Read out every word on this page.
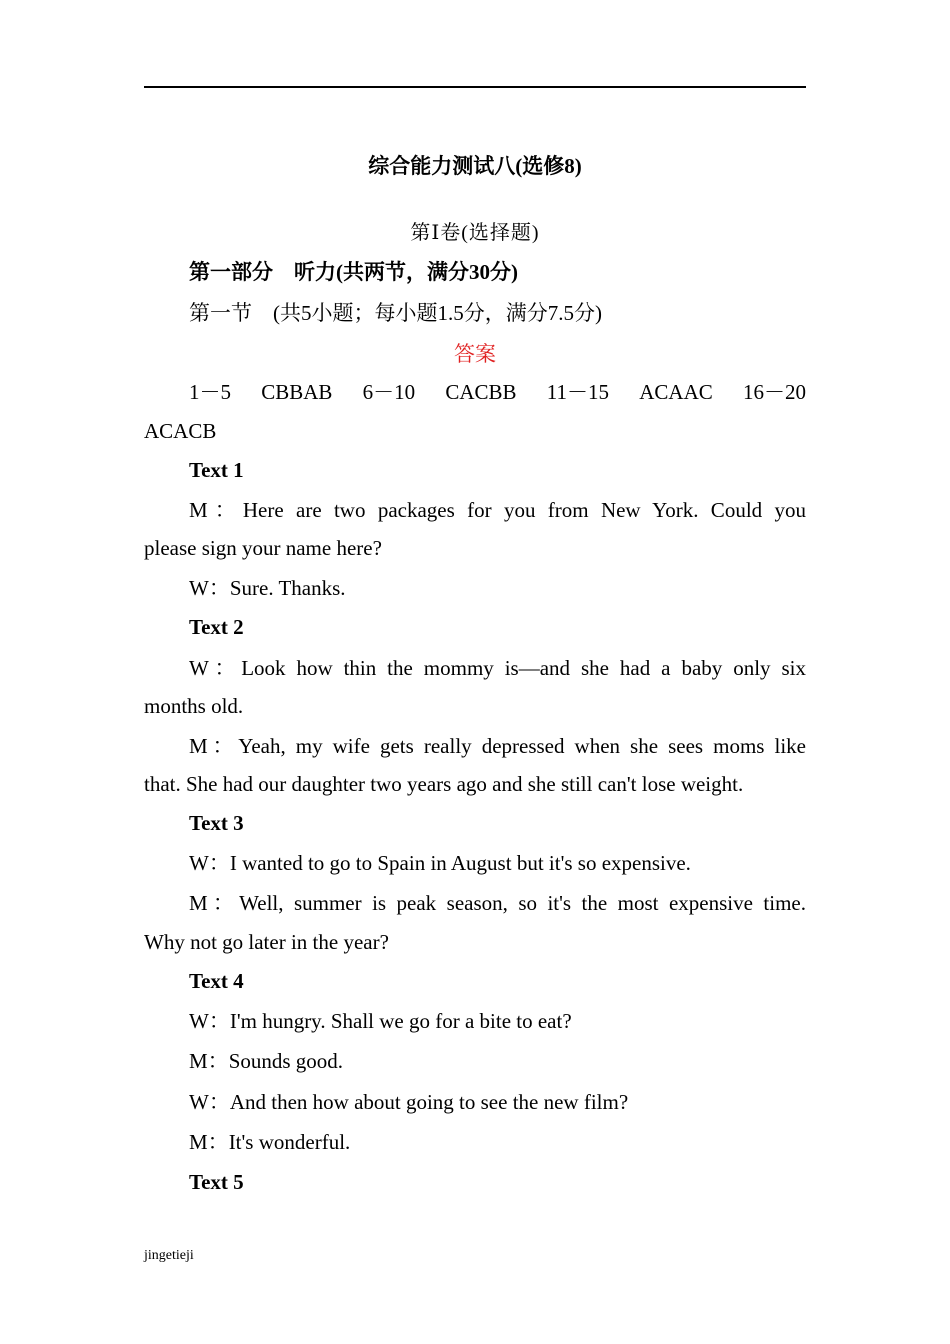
综合能力测试八(选修8)
第Ⅰ卷(选择题)
第一部分　听力(共两节，满分30分)
第一节　(共5小题；每小题1.5分，满分7.5分)
答案
1－5 CBBAB 6－10 CACBB 11－15 ACAAC 16－20
ACACB
Text 1
M：Here are two packages for you from New York. Could you
please sign your name here?
W：Sure. Thanks.
Text 2
W：Look how thin the mommy is—and she had a baby only six
months old.
M：Yeah, my wife gets really depressed when she sees moms like
that. She had our daughter two years ago and she still can't lose weight.
Text 3
W：I wanted to go to Spain in August but it's so expensive.
M：Well, summer is peak season, so it's the most expensive time.
Why not go later in the year?
Text 4
W：I'm hungry. Shall we go for a bite to eat?
M：Sounds good.
W：And then how about going to see the new film?
M：It's wonderful.
Text 5
jingetieji
